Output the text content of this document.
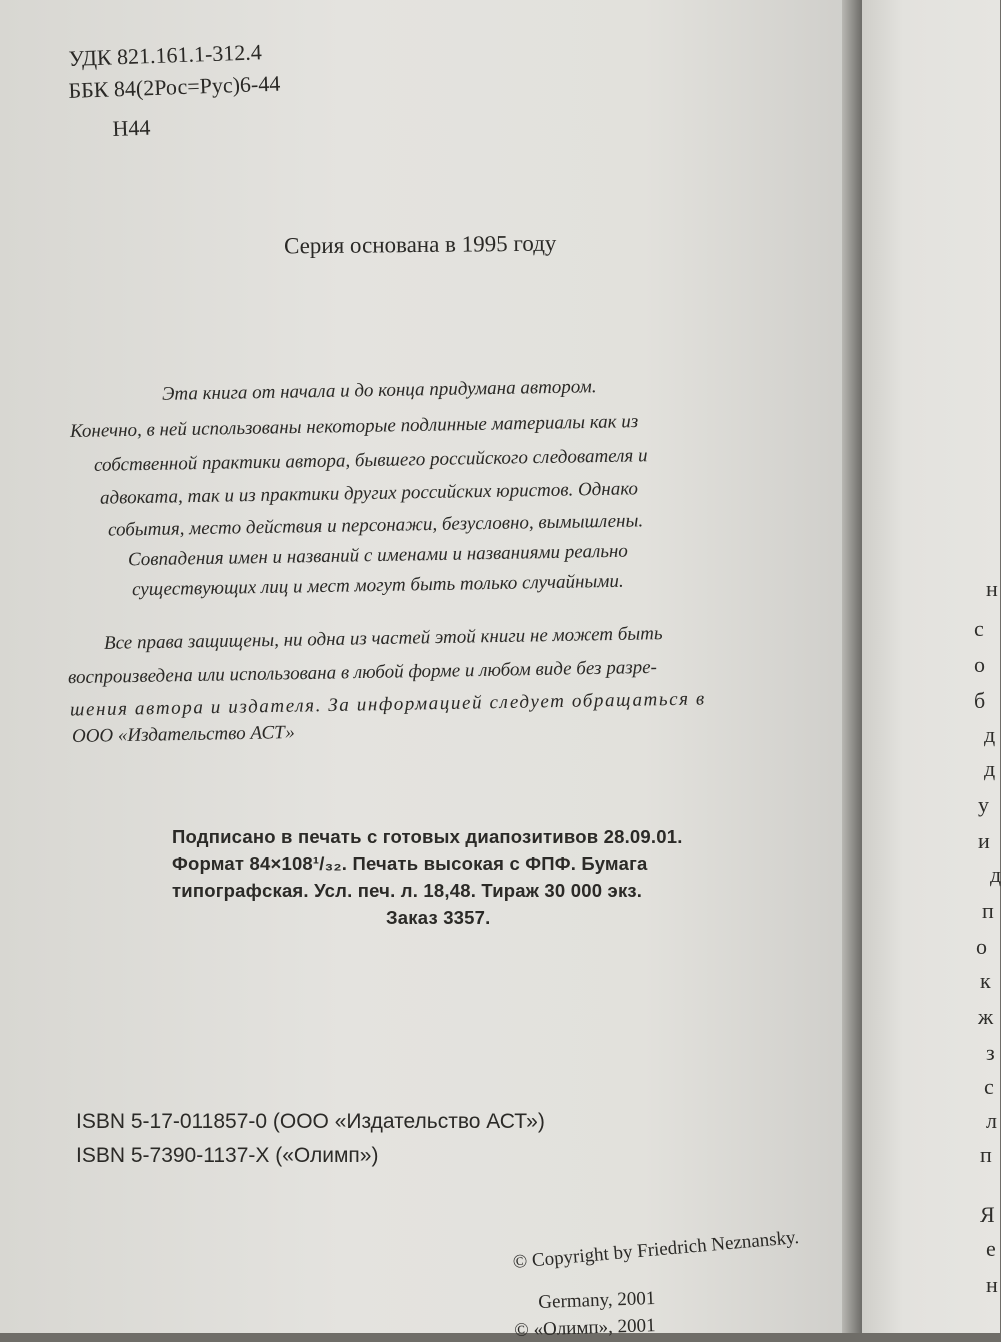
УДК 821.161.1-312.4
ББК 84(2Рос=Рус)6-44
Н44
Серия основана в 1995 году
Эта книга от начала и до конца придумана автором.
Конечно, в ней использованы некоторые подлинные материалы как из
собственной практики автора, бывшего российского следователя и
адвоката, так и из практики других российских юристов. Однако
события, место действия и персонажи, безусловно, вымышлены.
Совпадения имен и названий с именами и названиями реально
существующих лиц и мест могут быть только случайными.
Все права защищены, ни одна из частей этой книги не может быть
воспроизведена или использована в любой форме и любом виде без разре-
шения автора и издателя. За информацией следует обращаться в
ООО «Издательство АСТ»
Подписано в печать с готовых диапозитивов 28.09.01.
Формат 84×108¹/₃₂. Печать высокая с ФПФ. Бумага
типографская. Усл. печ. л. 18,48. Тираж 30 000 экз.
Заказ 3357.
ISBN 5-17-011857-0 (ООО «Издательство АСТ»)
ISBN 5-7390-1137-Х («Олимп»)
© Copyright by Friedrich Neznansky.
Germany, 2001
© «Олимп», 2001
н
с
о
б
д
д
у
и
д
п
о
к
ж
з
с
л
п
Я
е
н
